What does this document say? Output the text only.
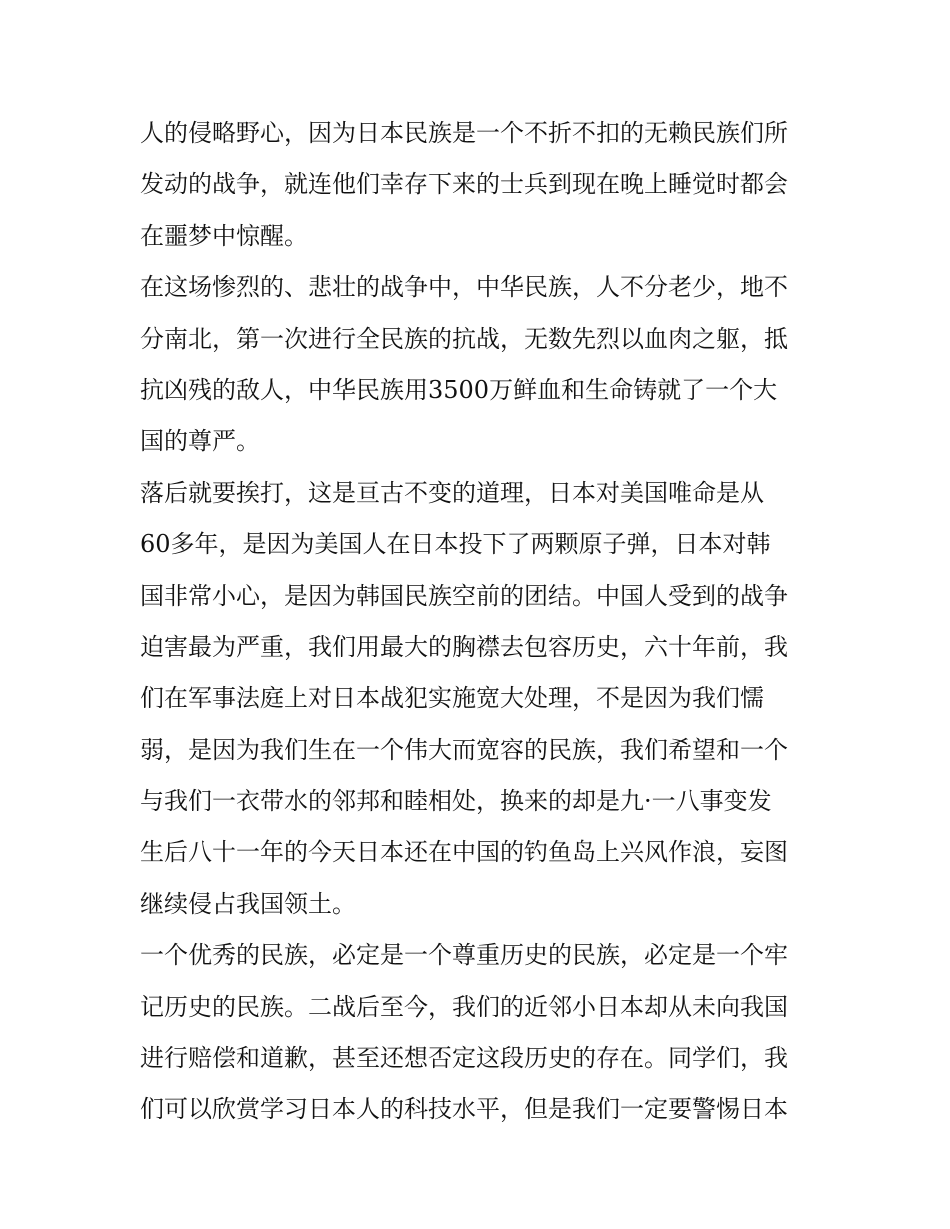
人的侵略野心，因为日本民族是一个不折不扣的无赖民族们所
发动的战争，就连他们幸存下来的士兵到现在晚上睡觉时都会
在噩梦中惊醒。
在这场惨烈的、悲壮的战争中，中华民族，人不分老少，地不
分南北，第一次进行全民族的抗战，无数先烈以血肉之躯，抵
抗凶残的敌人，中华民族用3500万鲜血和生命铸就了一个大
国的尊严。
落后就要挨打，这是亘古不变的道理，日本对美国唯命是从
60多年，是因为美国人在日本投下了两颗原子弹，日本对韩
国非常小心，是因为韩国民族空前的团结。中国人受到的战争
迫害最为严重，我们用最大的胸襟去包容历史，六十年前，我
们在军事法庭上对日本战犯实施宽大处理，不是因为我们懦
弱，是因为我们生在一个伟大而宽容的民族，我们希望和一个
与我们一衣带水的邻邦和睦相处，换来的却是九·一八事变发
生后八十一年的今天日本还在中国的钓鱼岛上兴风作浪，妄图
继续侵占我国领土。
一个优秀的民族，必定是一个尊重历史的民族，必定是一个牢
记历史的民族。二战后至今，我们的近邻小日本却从未向我国
进行赔偿和道歉，甚至还想否定这段历史的存在。同学们，我
们可以欣赏学习日本人的科技水平，但是我们一定要警惕日本
